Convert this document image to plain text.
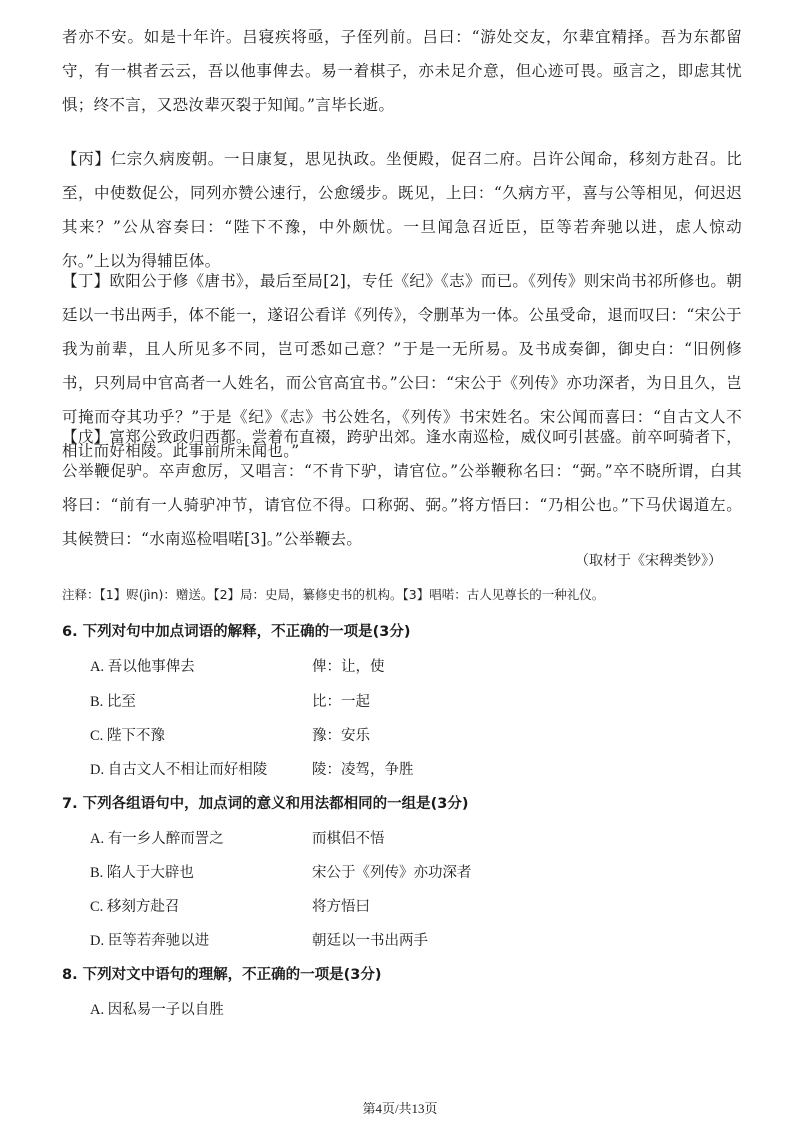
者亦不安。如是十年许。吕寝疾将亟，子侄列前。吕曰：“游处交友，尔辈宜精择。吾为东都留守，有一棋者云云，吾以他事俾去。易一着棋子，亦未足介意，但心迹可畏。亟言之，即虑其忧惧；终不言，又恐汝辈灭裂于知闻。”言毕长逝。

【丙】仁宗久病废朝。一日康复，思见执政。坐便殿，促召二府。吕许公闻命，移刻方赴召。比至，中使数促公，同列亦赞公速行，公愈缓步。既见，上曰：“久病方平，喜与公等相见，何迟迟其来？”公从容奏曰：“陛下不豫，中外颇忧。一旦闻急召近臣，臣等若奔驰以进，虑人惊动尔。”上以为得辅臣体。

【丁】欧阳公于修《唐书》，最后至局[2]，专任《纪》《志》而已。《列传》则宋尚书祁所修也。朝廷以一书出两手，体不能一，遂诏公看详《列传》，令删革为一体。公虽受命，退而叹曰：“宋公于我为前辈，且人所见多不同，岂可悉如己意？”于是一无所易。及书成奏御，御史白：“旧例修书，只列局中官高者一人姓名，而公官高宜书。”公曰：“宋公于《列传》亦功深者，为日且久，岂可掩而夺其功乎？”于是《纪》《志》书公姓名，《列传》书宋姓名。宋公闻而喜曰：“自古文人不相让而好相陵。此事前所未闻也。”

【戊】富郑公致政归西都。尝着布直裰，跨驴出郊。逢水南巡检，威仪呵引甚盛。前卒呵骑者下，公举鞭促驴。卒声愈厉，又唱言：“不肯下驴，请官位。”公举鞭称名曰：“弼。”卒不晓所谓，白其将曰：“前有一人骑驴冲节，请官位不得。口称弼、弼。”将方悟曰：“乃相公也。”下马伏谒道左。其候赞曰：“水南巡检唱喏[3]。”公举鞭去。

（取材于《宋稗类钞》）

注释：【1】赆(jìn)：赠送。【2】局：史局，纂修史书的机构。【3】唱喏：古人见尊长的一种礼仪。

6. 下列对句中加点词语的解释，不正确的一项是(3分)

A. 吾以他事俾去	俾：让，使

B. 比至	比：一起

C. 陛下不豫	豫：安乐

D. 自古文人不相让而好相陵	陵：凌驾，争胜

7. 下列各组语句中，加点词的意义和用法都相同的一组是(3分)

A. 有一乡人醉而詈之	而棋侣不悟

B. 陷人于大辟也	宋公于《列传》亦功深者

C. 移刻方赴召	将方悟曰

D. 臣等若奔驰以进	朝廷以一书出两手

8. 下列对文中语句的理解，不正确的一项是(3分)

A. 因私易一子以自胜

第4页/共13页
